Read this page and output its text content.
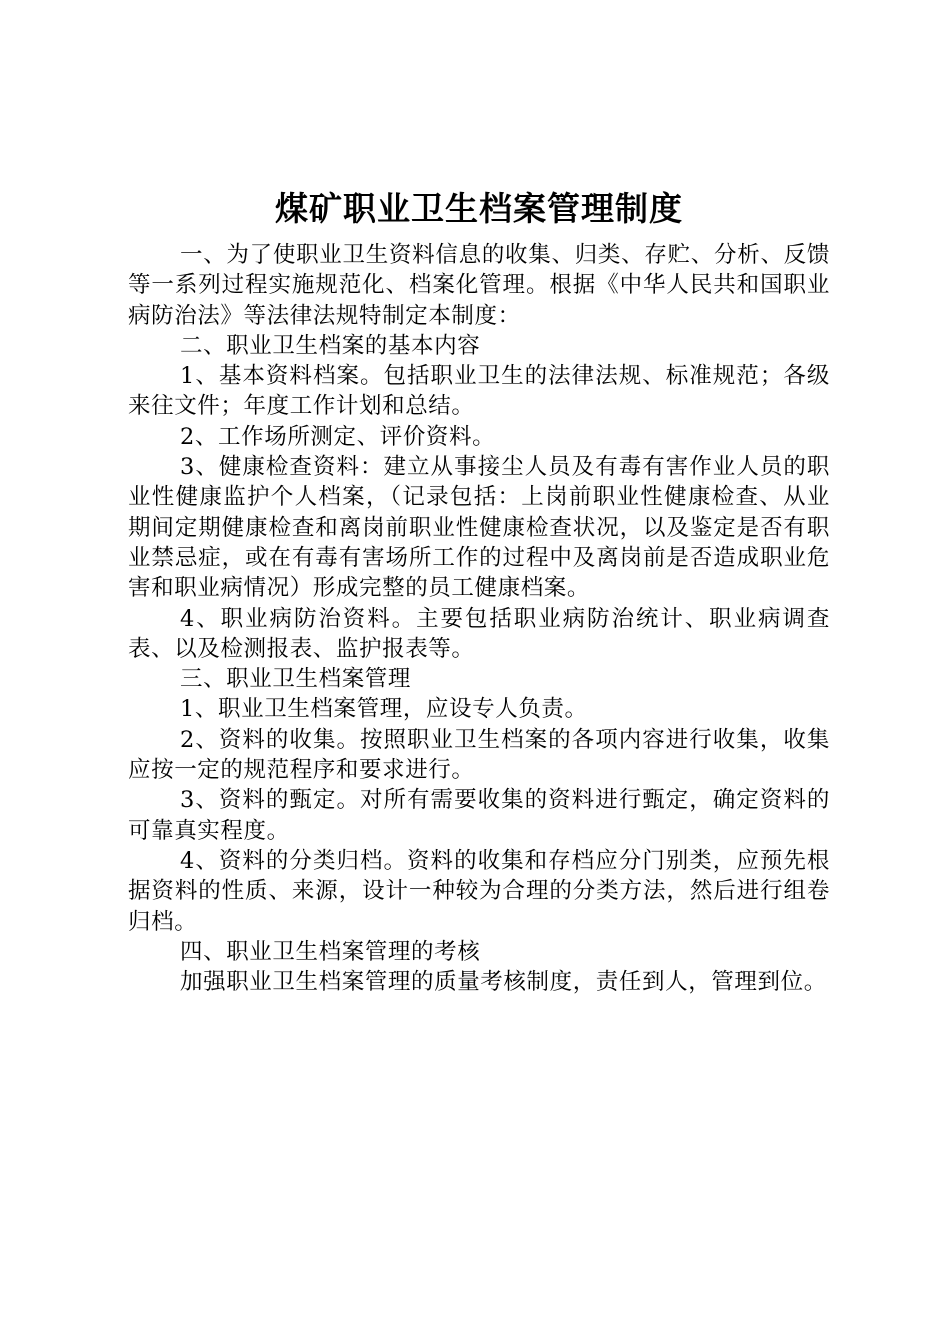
煤矿职业卫生档案管理制度

一、为了使职业卫生资料信息的收集、归类、存贮、分析、反馈等一系列过程实施规范化、档案化管理。根据《中华人民共和国职业病防治法》等法律法规特制定本制度：

二、职业卫生档案的基本内容

1、基本资料档案。包括职业卫生的法律法规、标准规范；各级来往文件；年度工作计划和总结。

2、工作场所测定、评价资料。

3、健康检查资料：建立从事接尘人员及有毒有害作业人员的职业性健康监护个人档案，（记录包括：上岗前职业性健康检查、从业期间定期健康检查和离岗前职业性健康检查状况，以及鉴定是否有职业禁忌症，或在有毒有害场所工作的过程中及离岗前是否造成职业危害和职业病情况）形成完整的员工健康档案。

4、职业病防治资料。主要包括职业病防治统计、职业病调查表、以及检测报表、监护报表等。

三、职业卫生档案管理

1、职业卫生档案管理，应设专人负责。

2、资料的收集。按照职业卫生档案的各项内容进行收集，收集应按一定的规范程序和要求进行。

3、资料的甄定。对所有需要收集的资料进行甄定，确定资料的可靠真实程度。

4、资料的分类归档。资料的收集和存档应分门别类，应预先根据资料的性质、来源，设计一种较为合理的分类方法，然后进行组卷归档。

四、职业卫生档案管理的考核

加强职业卫生档案管理的质量考核制度，责任到人，管理到位。
